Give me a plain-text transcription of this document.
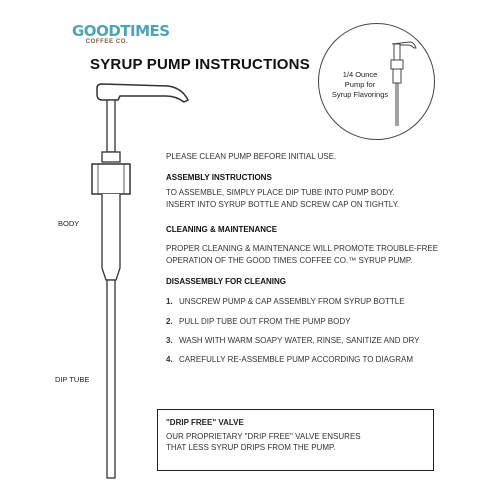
GOODTIMES
COFFEE CO.
SYRUP PUMP INSTRUCTIONS
1/4 Ounce
Pump for
Syrup Flavorings
BODY
DIP TUBE
PLEASE CLEAN PUMP BEFORE INITIAL USE.
ASSEMBLY INSTRUCTIONS
TO ASSEMBLE, SIMPLY PLACE DIP TUBE INTO PUMP BODY.
INSERT INTO SYRUP BOTTLE AND SCREW CAP ON TIGHTLY.
CLEANING & MAINTENANCE
PROPER CLEANING & MAINTENANCE WILL PROMOTE TROUBLE-FREE
OPERATION OF THE GOOD TIMES COFFEE CO.™ SYRUP PUMP.
DISASSEMBLY FOR CLEANING
1. UNSCREW PUMP & CAP ASSEMBLY FROM SYRUP BOTTLE
2. PULL DIP TUBE OUT FROM THE PUMP BODY
3. WASH WITH WARM SOAPY WATER, RINSE, SANITIZE AND DRY
4. CAREFULLY RE-ASSEMBLE PUMP ACCORDING TO DIAGRAM
"DRIP FREE" VALVE
OUR PROPRIETARY "DRIP FREE" VALVE ENSURES
THAT LESS SYRUP DRIPS FROM THE PUMP.
